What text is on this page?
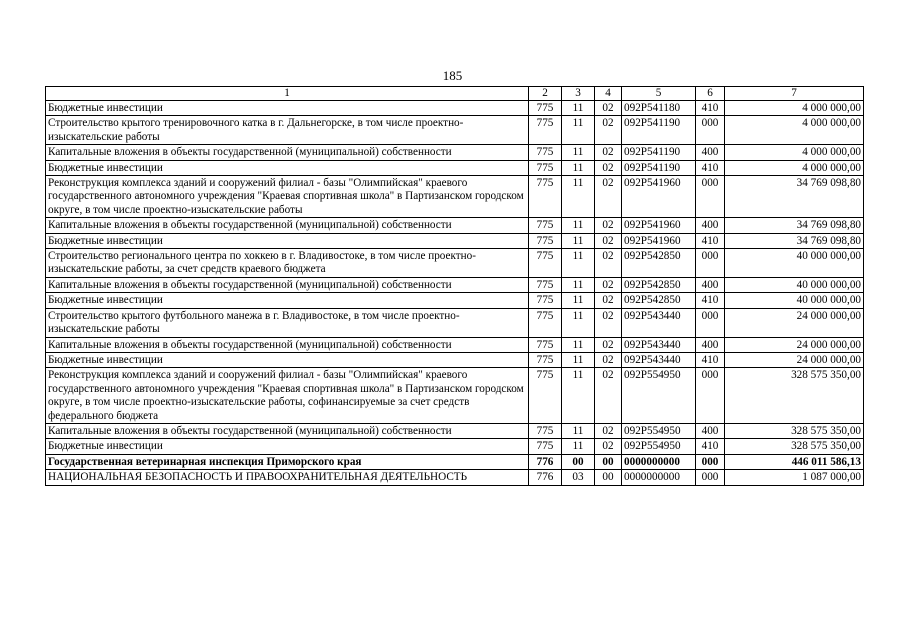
185
1	2	3	4	5	6	7
Бюджетные инвестиции	775	11	02	092Р541180	410	4 000 000,00
Строительство крытого тренировочного катка в г. Дальнегорске, в том числе проектно-изыскательские работы	775	11	02	092Р541190	000	4 000 000,00
Капитальные вложения в объекты государственной (муниципальной) собственности	775	11	02	092Р541190	400	4 000 000,00
Бюджетные инвестиции	775	11	02	092Р541190	410	4 000 000,00
Реконструкция комплекса зданий и сооружений филиал - базы "Олимпийская" краевого государственного автономного учреждения "Краевая спортивная школа" в Партизанском городском округе, в том числе проектно-изыскательские работы	775	11	02	092Р541960	000	34 769 098,80
Капитальные вложения в объекты государственной (муниципальной) собственности	775	11	02	092Р541960	400	34 769 098,80
Бюджетные инвестиции	775	11	02	092Р541960	410	34 769 098,80
Строительство регионального центра по хоккею в г. Владивостоке, в том числе проектно-изыскательские работы, за счет средств краевого бюджета	775	11	02	092Р542850	000	40 000 000,00
Капитальные вложения в объекты государственной (муниципальной) собственности	775	11	02	092Р542850	400	40 000 000,00
Бюджетные инвестиции	775	11	02	092Р542850	410	40 000 000,00
Строительство крытого футбольного манежа в г. Владивостоке, в том числе проектно-изыскательские работы	775	11	02	092Р543440	000	24 000 000,00
Капитальные вложения в объекты государственной (муниципальной) собственности	775	11	02	092Р543440	400	24 000 000,00
Бюджетные инвестиции	775	11	02	092Р543440	410	24 000 000,00
Реконструкция комплекса зданий и сооружений филиал - базы "Олимпийская" краевого государственного автономного учреждения "Краевая спортивная школа" в Партизанском городском округе, в том числе проектно-изыскательские работы, софинансируемые за счет средств федерального бюджета	775	11	02	092Р554950	000	328 575 350,00
Капитальные вложения в объекты государственной (муниципальной) собственности	775	11	02	092Р554950	400	328 575 350,00
Бюджетные инвестиции	775	11	02	092Р554950	410	328 575 350,00
Государственная ветеринарная инспекция Приморского края	776	00	00	0000000000	000	446 011 586,13
НАЦИОНАЛЬНАЯ БЕЗОПАСНОСТЬ И ПРАВООХРАНИТЕЛЬНАЯ ДЕЯТЕЛЬНОСТЬ	776	03	00	0000000000	000	1 087 000,00
